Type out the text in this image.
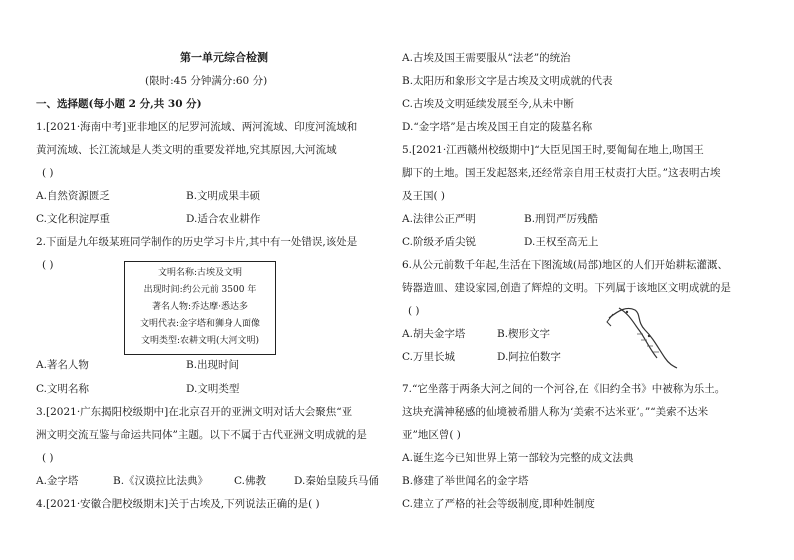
第一单元综合检测
(限时:45 分钟满分:60 分)
一、选择题(每小题 2 分,共 30 分)
1.[2021·海南中考]亚非地区的尼罗河流域、两河流域、印度河流域和
黄河流域、长江流域是人类文明的重要发祥地,究其原因,大河流域
( )
A.自然资源匮乏	B.文明成果丰硕
C.文化积淀厚重	D.适合农业耕作
2.下面是九年级某班同学制作的历史学习卡片,其中有一处错误,该处是
( )
文明名称:古埃及文明
出现时间:约公元前 3500 年
著名人物:乔达摩·悉达多
文明代表:金字塔和狮身人面像
文明类型:农耕文明(大河文明)
A.著名人物	B.出现时间
C.文明名称	D.文明类型
3.[2021·广东揭阳校级期中]在北京召开的亚洲文明对话大会聚焦“亚
洲文明交流互鉴与命运共同体”主题。以下不属于古代亚洲文明成就的是
( )
A.金字塔	B.《汉谟拉比法典》 C.佛教	D.秦始皇陵兵马俑
4.[2021·安徽合肥校级期末]关于古埃及,下列说法正确的是( )
A.古埃及国王需要服从“法老”的统治
B.太阳历和象形文字是古埃及文明成就的代表
C.古埃及文明延续发展至今,从未中断
D.“金字塔”是古埃及国王自定的陵墓名称
5.[2021·江西赣州校级期中]“大臣见国王时,要匍匐在地上,吻国王
脚下的土地。国王发起怒来,还经常亲自用王杖责打大臣。”这表明古埃
及王国( )
A.法律公正严明	B.刑罚严厉残酷
C.阶级矛盾尖锐	D.王权至高无上
6.从公元前数千年起,生活在下图流域(局部)地区的人们开始耕耘灌溉、
铸器造皿、建设家园,创造了辉煌的文明。下列属于该地区文明成就的是
( )
A.胡夫金字塔	B.楔形文字
C.万里长城	D.阿拉伯数字
7.“它坐落于两条大河之间的一个河谷,在《旧约全书》中被称为乐土。
这块充满神秘感的仙境被希腊人称为‘美索不达米亚’。”“美索不达米
亚”地区曾( )
A.诞生迄今已知世界上第一部较为完整的成文法典
B.修建了举世闻名的金字塔
C.建立了严格的社会等级制度,即种姓制度
